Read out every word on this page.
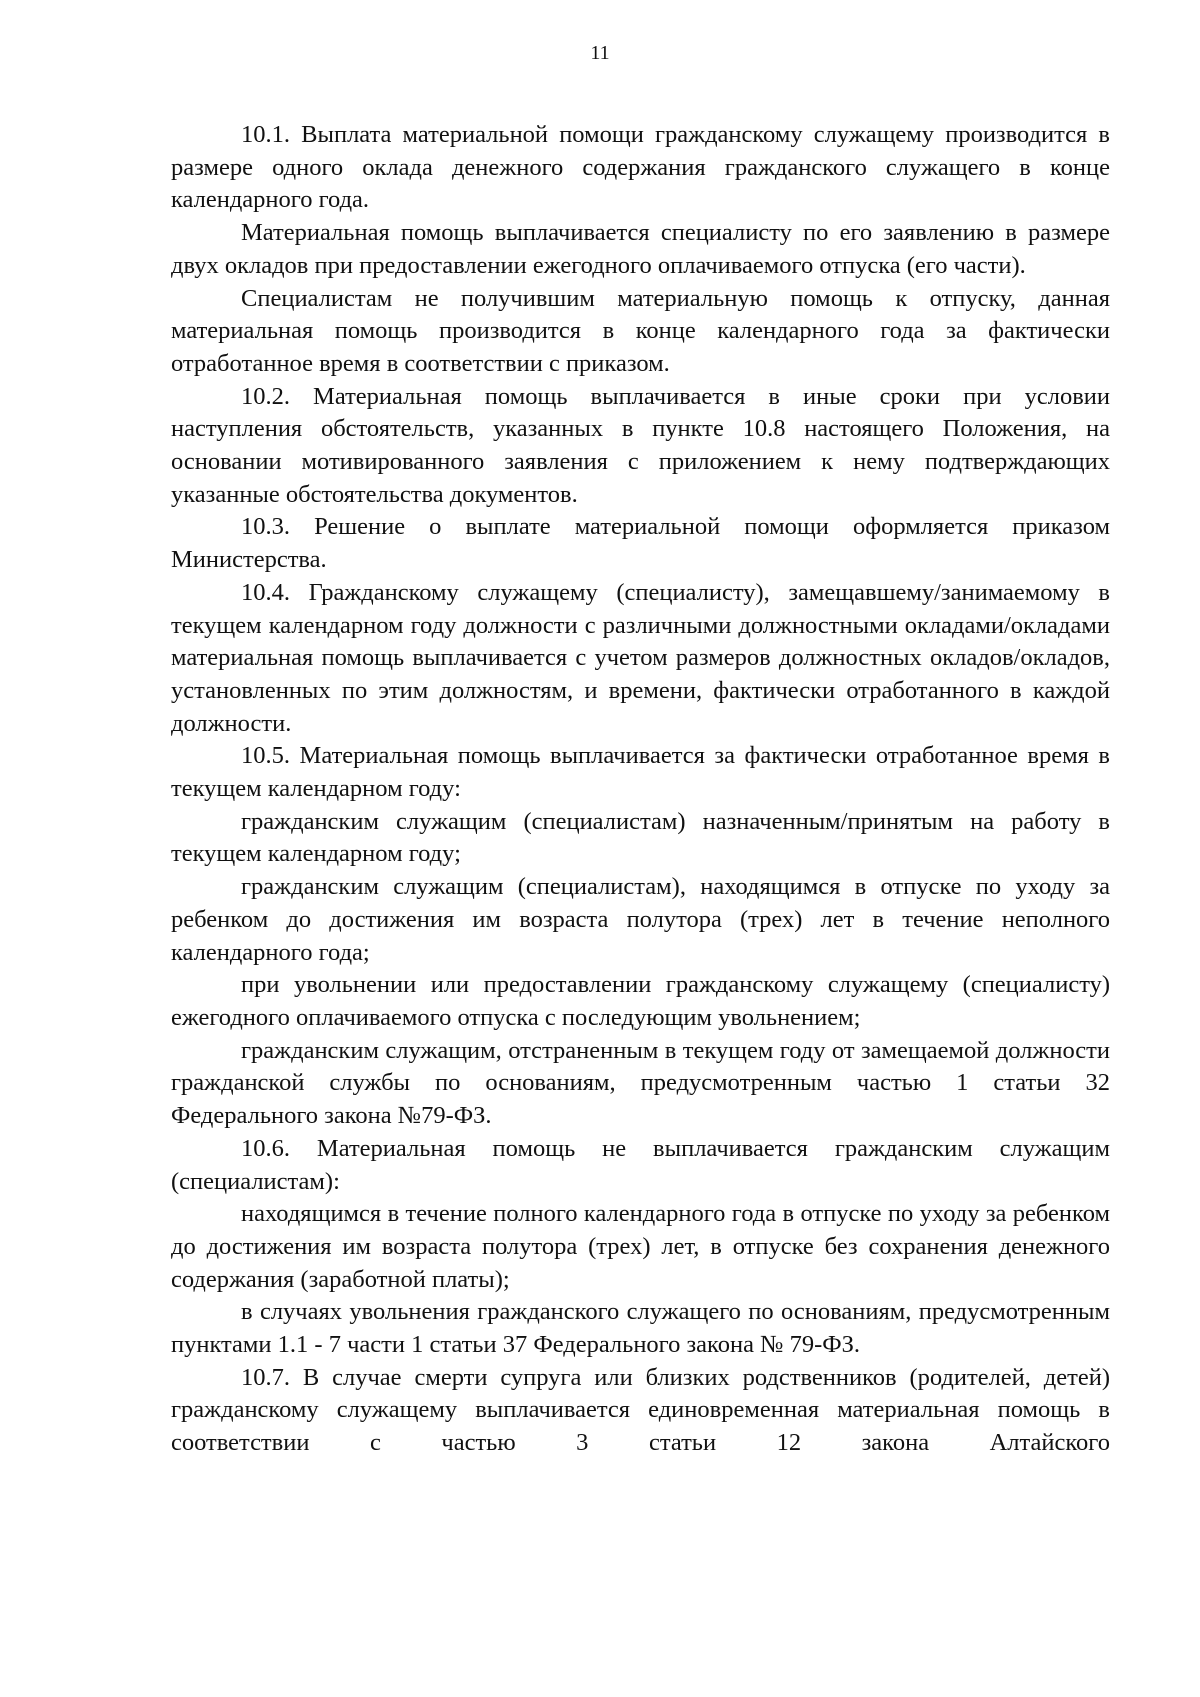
11

10.1. Выплата материальной помощи гражданскому служащему производится в размере одного оклада денежного содержания гражданского служащего в конце календарного года.

Материальная помощь выплачивается специалисту по его заявлению в размере двух окладов при предоставлении ежегодного оплачиваемого отпуска (его части).

Специалистам не получившим материальную помощь к отпуску, данная материальная помощь производится в конце календарного года за фактически отработанное время в соответствии с приказом.

10.2. Материальная помощь выплачивается в иные сроки при условии наступления обстоятельств, указанных в пункте 10.8 настоящего Положения, на основании мотивированного заявления с приложением к нему подтверждающих указанные обстоятельства документов.

10.3. Решение о выплате материальной помощи оформляется приказом Министерства.

10.4. Гражданскому служащему (специалисту), замещавшему/занимаемому в текущем календарном году должности с различными должностными окладами/окладами материальная помощь выплачивается с учетом размеров должностных окладов/окладов, установленных по этим должностям, и времени, фактически отработанного в каждой должности.

10.5. Материальная помощь выплачивается за фактически отработанное время в текущем календарном году:

гражданским служащим (специалистам) назначенным/принятым на работу в текущем календарном году;

гражданским служащим (специалистам), находящимся в отпуске по уходу за ребенком до достижения им возраста полутора (трех) лет в течение неполного календарного года;

при увольнении или предоставлении гражданскому служащему (специалисту) ежегодного оплачиваемого отпуска с последующим увольнением;

гражданским служащим, отстраненным в текущем году от замещаемой должности гражданской службы по основаниям, предусмотренным частью 1 статьи 32 Федерального закона №79-ФЗ.

10.6. Материальная помощь не выплачивается гражданским служащим (специалистам):

находящимся в течение полного календарного года в отпуске по уходу за ребенком до достижения им возраста полутора (трех) лет, в отпуске без сохранения денежного содержания (заработной платы);

в случаях увольнения гражданского служащего по основаниям, предусмотренным пунктами 1.1 - 7 части 1 статьи 37 Федерального закона № 79-ФЗ.

10.7. В случае смерти супруга или близких родственников (родителей, детей) гражданскому служащему выплачивается единовременная материальная помощь в соответствии с частью 3 статьи 12 закона Алтайского
